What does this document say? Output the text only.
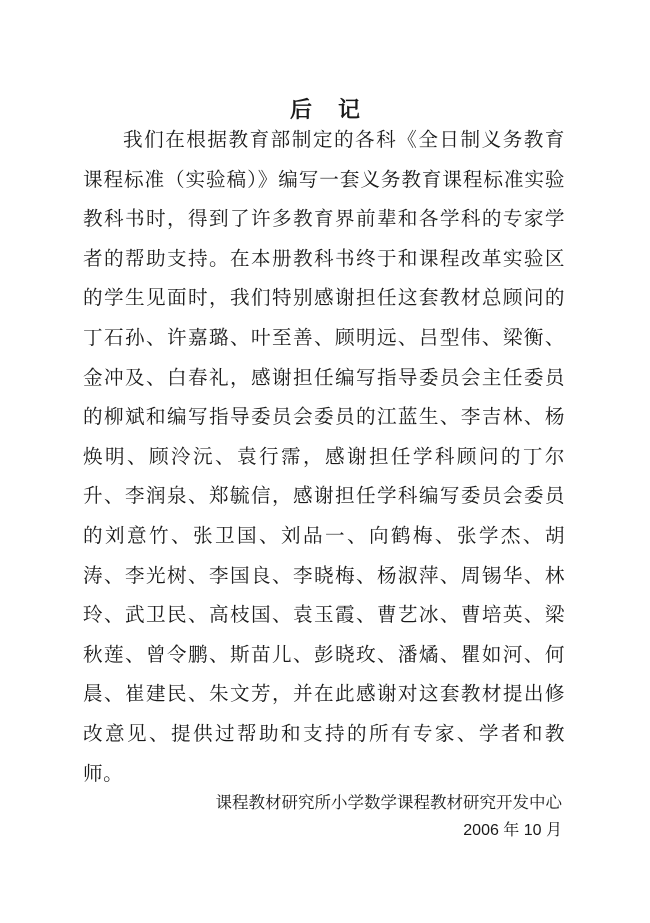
后记

我们在根据教育部制定的各科《全日制义务教育课程标准（实验稿）》编写一套义务教育课程标准实验教科书时，得到了许多教育界前辈和各学科的专家学者的帮助支持。在本册教科书终于和课程改革实验区的学生见面时，我们特别感谢担任这套教材总顾问的丁石孙、许嘉璐、叶至善、顾明远、吕型伟、梁衡、金冲及、白春礼，感谢担任编写指导委员会主任委员的柳斌和编写指导委员会委员的江蓝生、李吉林、杨焕明、顾泠沅、袁行霈，感谢担任学科顾问的丁尔升、李润泉、郑毓信，感谢担任学科编写委员会委员的刘意竹、张卫国、刘品一、向鹤梅、张学杰、胡涛、李光树、李国良、李晓梅、杨淑萍、周锡华、林玲、武卫民、高枝国、袁玉霞、曹艺冰、曹培英、梁秋莲、曾令鹏、斯苗儿、彭晓玫、潘燏、瞿如河、何晨、崔建民、朱文芳，并在此感谢对这套教材提出修改意见、提供过帮助和支持的所有专家、学者和教师。

课程教材研究所小学数学课程教材研究开发中心

2006 年 10 月
